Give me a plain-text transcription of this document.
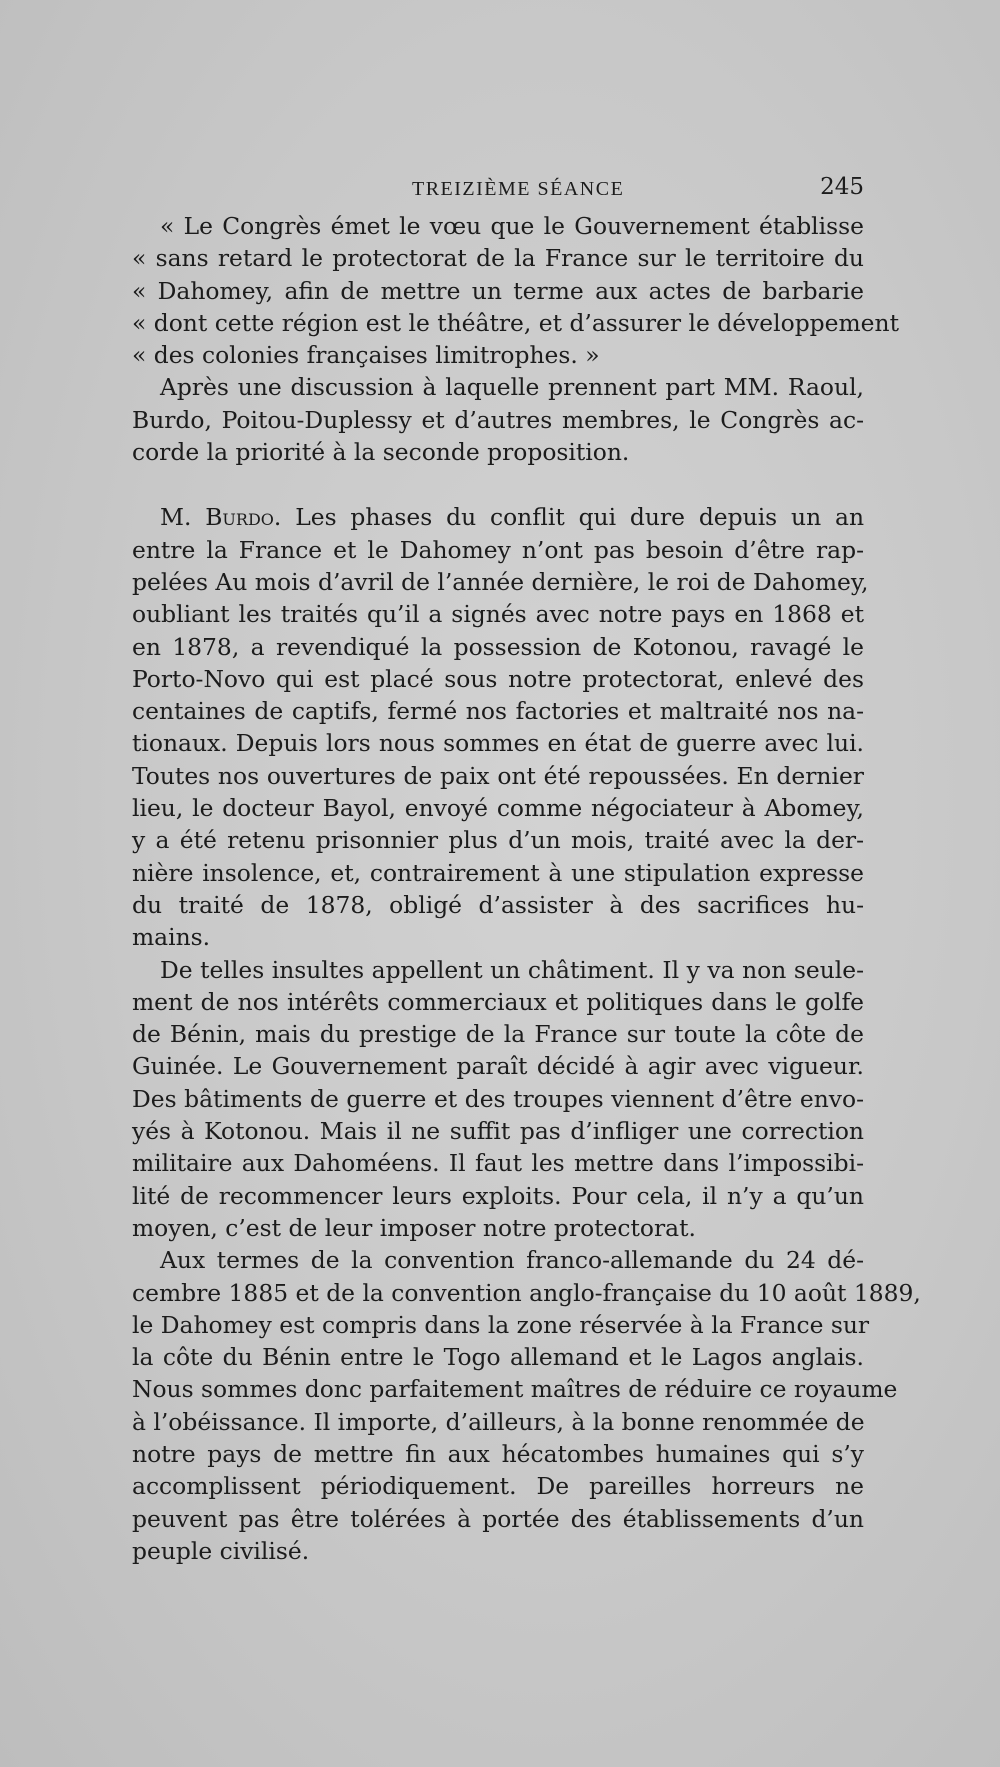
TREIZIÈME SÉANCE	245
« Le Congrès émet le vœu que le Gouvernement établisse
« sans retard le protectorat de la France sur le territoire du
« Dahomey, afin de mettre un terme aux actes de barbarie
« dont cette région est le théâtre, et d’assurer le développement
« des colonies françaises limitrophes. »
Après une discussion à laquelle prennent part MM. Raoul,
Burdo, Poitou-Duplessy et d’autres membres, le Congrès ac-
corde la priorité à la seconde proposition.
M. Burdo. Les phases du conflit qui dure depuis un an
entre la France et le Dahomey n’ont pas besoin d’être rap-
pelées Au mois d’avril de l’année dernière, le roi de Dahomey,
oubliant les traités qu’il a signés avec notre pays en 1868 et
en 1878, a revendiqué la possession de Kotonou, ravagé le
Porto-Novo qui est placé sous notre protectorat, enlevé des
centaines de captifs, fermé nos factories et maltraité nos na-
tionaux. Depuis lors nous sommes en état de guerre avec lui.
Toutes nos ouvertures de paix ont été repoussées. En dernier
lieu, le docteur Bayol, envoyé comme négociateur à Abomey,
y a été retenu prisonnier plus d’un mois, traité avec la der-
nière insolence, et, contrairement à une stipulation expresse
du traité de 1878, obligé d’assister à des sacrifices hu-
mains.
De telles insultes appellent un châtiment. Il y va non seule-
ment de nos intérêts commerciaux et politiques dans le golfe
de Bénin, mais du prestige de la France sur toute la côte de
Guinée. Le Gouvernement paraît décidé à agir avec vigueur.
Des bâtiments de guerre et des troupes viennent d’être envo-
yés à Kotonou. Mais il ne suffit pas d’infliger une correction
militaire aux Dahoméens. Il faut les mettre dans l’impossibi-
lité de recommencer leurs exploits. Pour cela, il n’y a qu’un
moyen, c’est de leur imposer notre protectorat.
Aux termes de la convention franco-allemande du 24 dé-
cembre 1885 et de la convention anglo-française du 10 août 1889,
le Dahomey est compris dans la zone réservée à la France sur
la côte du Bénin entre le Togo allemand et le Lagos anglais.
Nous sommes donc parfaitement maîtres de réduire ce royaume
à l’obéissance. Il importe, d’ailleurs, à la bonne renommée de
notre pays de mettre fin aux hécatombes humaines qui s’y
accomplissent périodiquement. De pareilles horreurs ne
peuvent pas être tolérées à portée des établissements d’un
peuple civilisé.
